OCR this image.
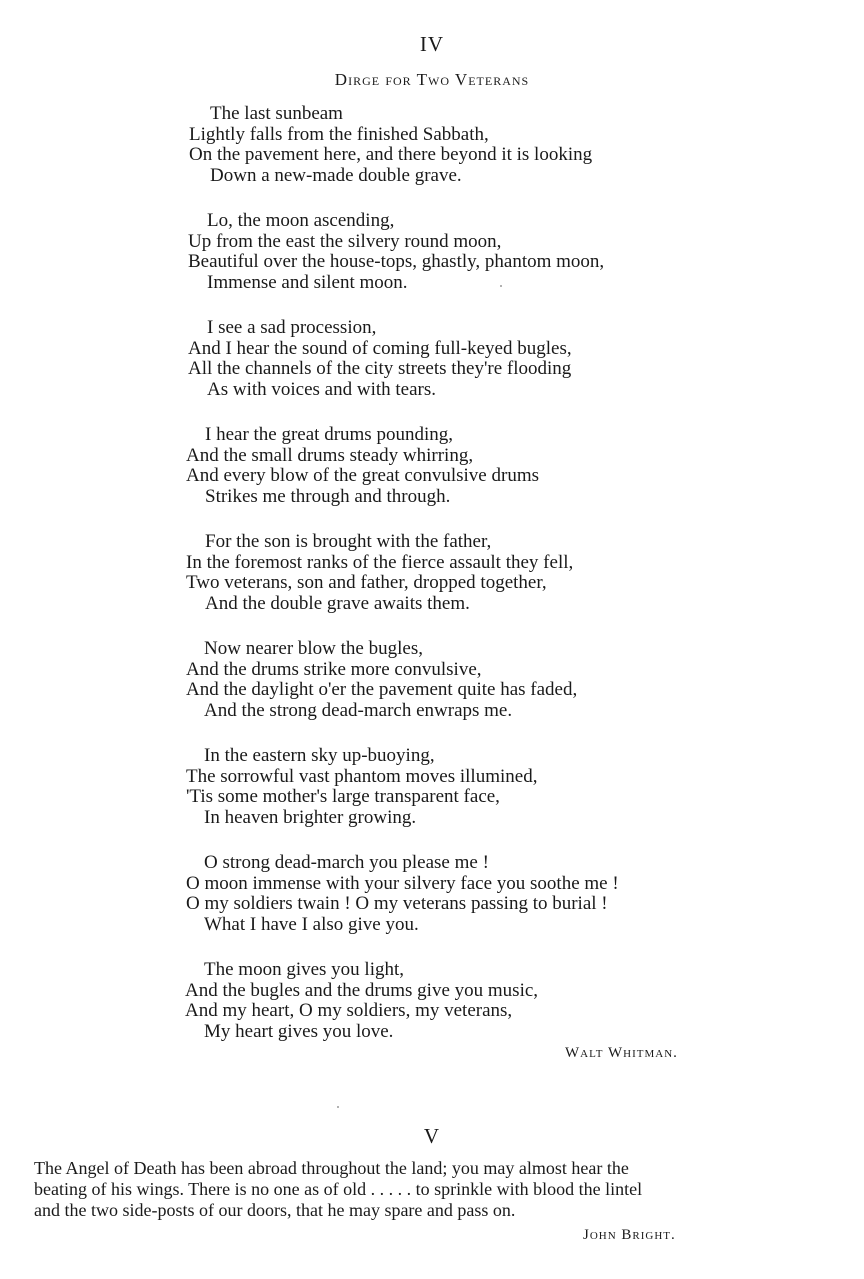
IV
Dirge for Two Veterans
The last sunbeam
Lightly falls from the finished Sabbath,
On the pavement here, and there beyond it is looking
Down a new-made double grave.
Lo, the moon ascending,
Up from the east the silvery round moon,
Beautiful over the house-tops, ghastly, phantom moon,
Immense and silent moon.
I see a sad procession,
And I hear the sound of coming full-keyed bugles,
All the channels of the city streets they're flooding
As with voices and with tears.
I hear the great drums pounding,
And the small drums steady whirring,
And every blow of the great convulsive drums
Strikes me through and through.
For the son is brought with the father,
In the foremost ranks of the fierce assault they fell,
Two veterans, son and father, dropped together,
And the double grave awaits them.
Now nearer blow the bugles,
And the drums strike more convulsive,
And the daylight o'er the pavement quite has faded,
And the strong dead-march enwraps me.
In the eastern sky up-buoying,
The sorrowful vast phantom moves illumined,
'Tis some mother's large transparent face,
In heaven brighter growing.
O strong dead-march you please me !
O moon immense with your silvery face you soothe me !
O my soldiers twain ! O my veterans passing to burial !
What I have I also give you.
The moon gives you light,
And the bugles and the drums give you music,
And my heart, O my soldiers, my veterans,
My heart gives you love.
Walt Whitman.
V
The Angel of Death has been abroad throughout the land; you may almost hear the
beating of his wings. There is no one as of old . . . . . to sprinkle with blood the lintel
and the two side-posts of our doors, that he may spare and pass on.
John Bright.
